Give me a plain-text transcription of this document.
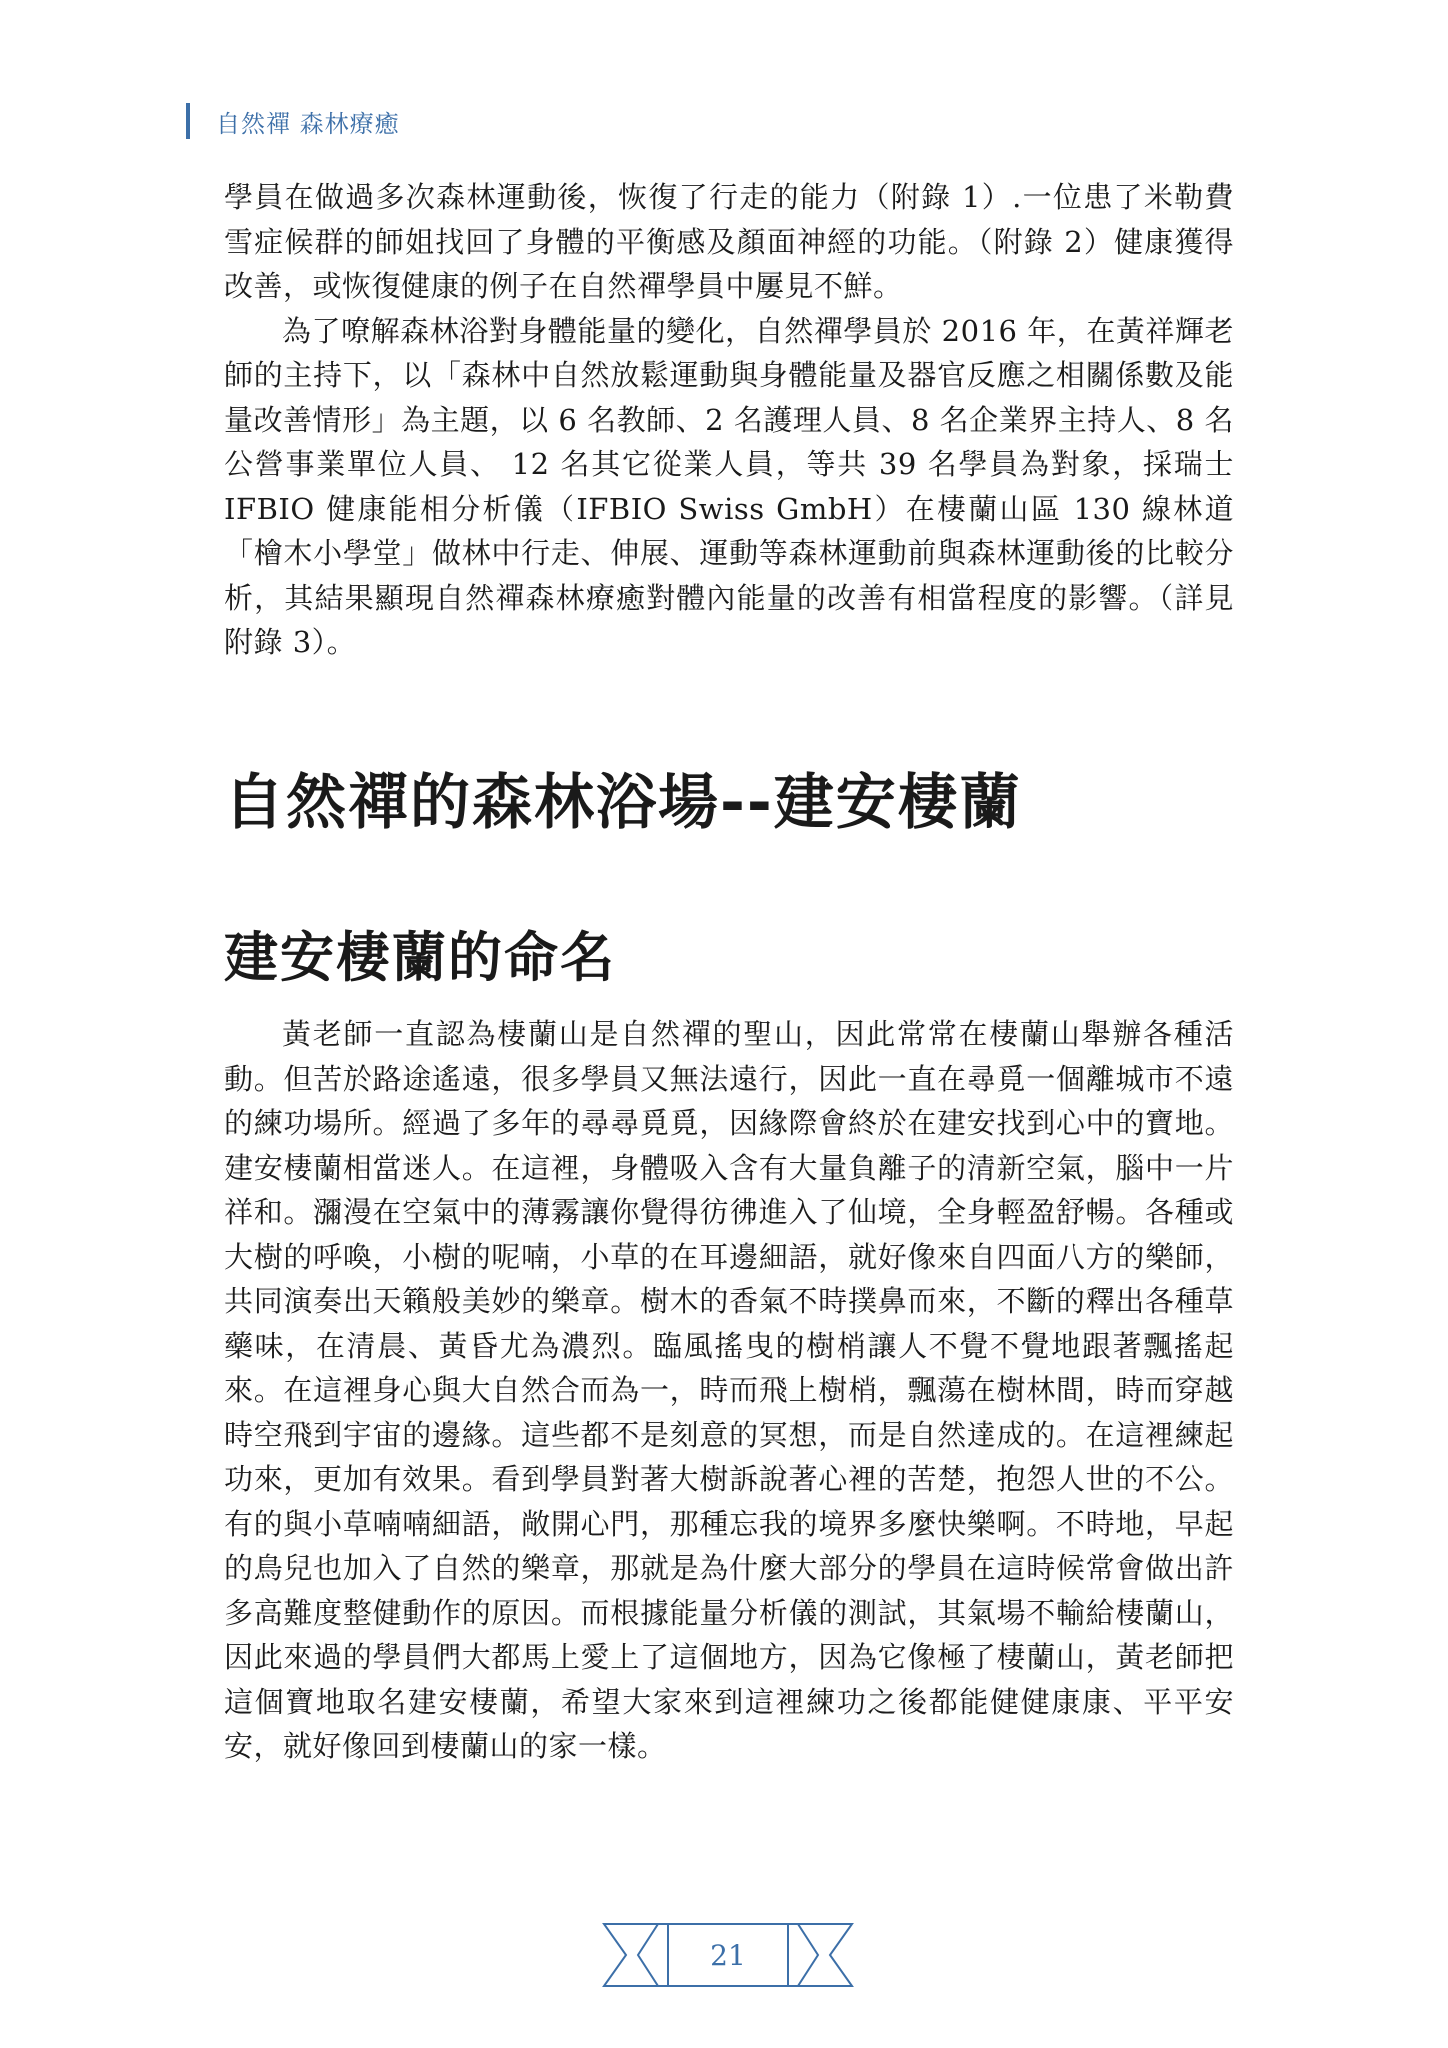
自然禪 森林療癒

學員在做過多次森林運動後，恢復了行走的能力（附錄 1）.一位患了米勒費雪症候群的師姐找回了身體的平衡感及顏面神經的功能。（附錄 2）健康獲得改善，或恢復健康的例子在自然禪學員中屢見不鮮。

為了嘹解森林浴對身體能量的變化，自然禪學員於 2016 年，在黃祥輝老師的主持下，以「森林中自然放鬆運動與身體能量及器官反應之相關係數及能量改善情形」為主題，以 6 名教師、2 名護理人員、8 名企業界主持人、8 名公營事業單位人員、 12 名其它從業人員，等共 39 名學員為對象，採瑞士 IFBIO 健康能相分析儀（IFBIO Swiss GmbH）在棲蘭山區 130 線林道「檜木小學堂」做林中行走、伸展、運動等森林運動前與森林運動後的比較分析，其結果顯現自然禪森林療癒對體內能量的改善有相當程度的影響。（詳見附錄 3）。

自然禪的森林浴場--建安棲蘭
建安棲蘭的命名

黃老師一直認為棲蘭山是自然禪的聖山，因此常常在棲蘭山舉辦各種活動。但苦於路途遙遠，很多學員又無法遠行，因此一直在尋覓一個離城市不遠的練功場所。經過了多年的尋尋覓覓，因緣際會終於在建安找到心中的寶地。建安棲蘭相當迷人。在這裡，身體吸入含有大量負離子的清新空氣，腦中一片祥和。瀰漫在空氣中的薄霧讓你覺得彷彿進入了仙境，全身輕盈舒暢。各種或大樹的呼喚，小樹的呢喃，小草的在耳邊細語，就好像來自四面八方的樂師，共同演奏出天籟般美妙的樂章。樹木的香氣不時撲鼻而來，不斷的釋出各種草藥味，在清晨、黃昏尤為濃烈。臨風搖曳的樹梢讓人不覺不覺地跟著飄搖起來。在這裡身心與大自然合而為一，時而飛上樹梢，飄蕩在樹林間，時而穿越時空飛到宇宙的邊緣。這些都不是刻意的冥想，而是自然達成的。在這裡練起功來，更加有效果。看到學員對著大樹訴說著心裡的苦楚，抱怨人世的不公。有的與小草喃喃細語，敞開心門，那種忘我的境界多麼快樂啊。不時地，早起的鳥兒也加入了自然的樂章，那就是為什麼大部分的學員在這時候常會做出許多高難度整健動作的原因。而根據能量分析儀的測試，其氣場不輸給棲蘭山，因此來過的學員們大都馬上愛上了這個地方，因為它像極了棲蘭山，黃老師把這個寶地取名建安棲蘭，希望大家來到這裡練功之後都能健健康康、平平安安，就好像回到棲蘭山的家一樣。

21
